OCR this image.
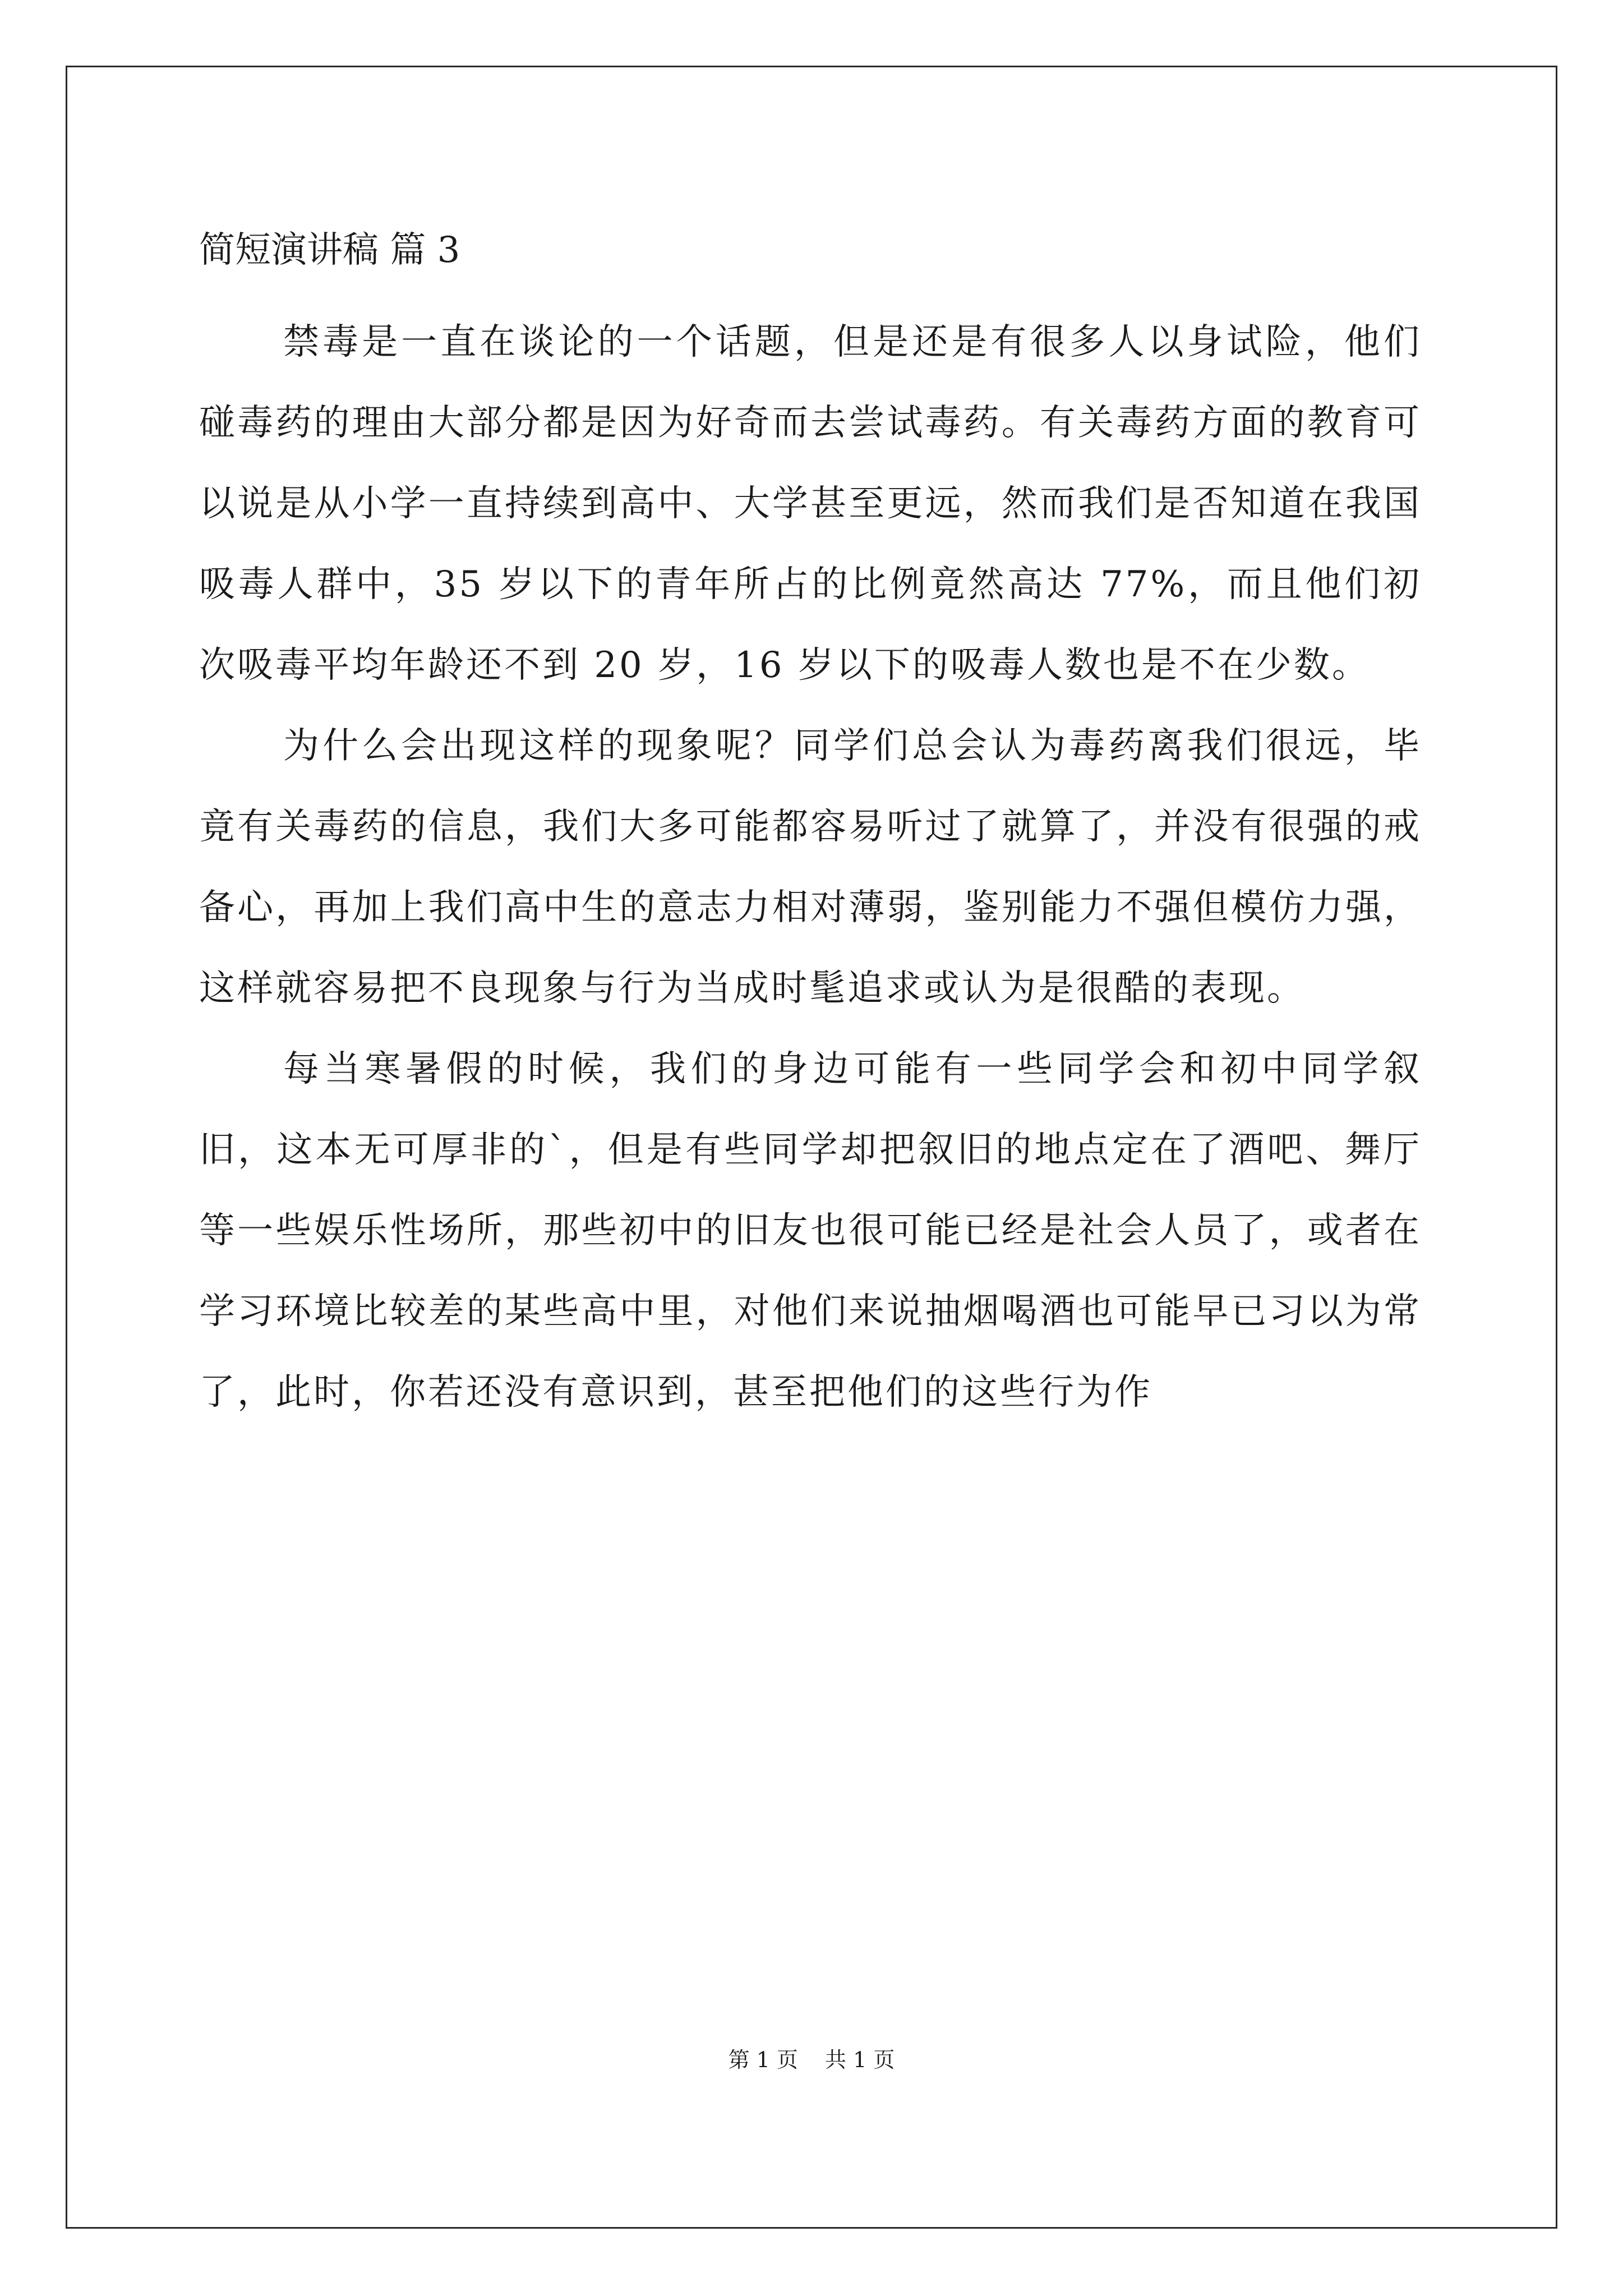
简短演讲稿 篇 3

禁毒是一直在谈论的一个话题，但是还是有很多人以身试险，他们碰毒药的理由大部分都是因为好奇而去尝试毒药。有关毒药方面的教育可以说是从小学一直持续到高中、大学甚至更远，然而我们是否知道在我国吸毒人群中，35 岁以下的青年所占的比例竟然高达 77%，而且他们初次吸毒平均年龄还不到 20 岁，16 岁以下的吸毒人数也是不在少数。

为什么会出现这样的现象呢？同学们总会认为毒药离我们很远，毕竟有关毒药的信息，我们大多可能都容易听过了就算了，并没有很强的戒备心，再加上我们高中生的意志力相对薄弱，鉴别能力不强但模仿力强，这样就容易把不良现象与行为当成时髦追求或认为是很酷的表现。

每当寒暑假的时候，我们的身边可能有一些同学会和初中同学叙旧，这本无可厚非的`，但是有些同学却把叙旧的地点定在了酒吧、舞厅等一些娱乐性场所，那些初中的旧友也很可能已经是社会人员了，或者在学习环境比较差的某些高中里，对他们来说抽烟喝酒也可能早已习以为常了，此时，你若还没有意识到，甚至把他们的这些行为作

第 1 页 共 1 页
